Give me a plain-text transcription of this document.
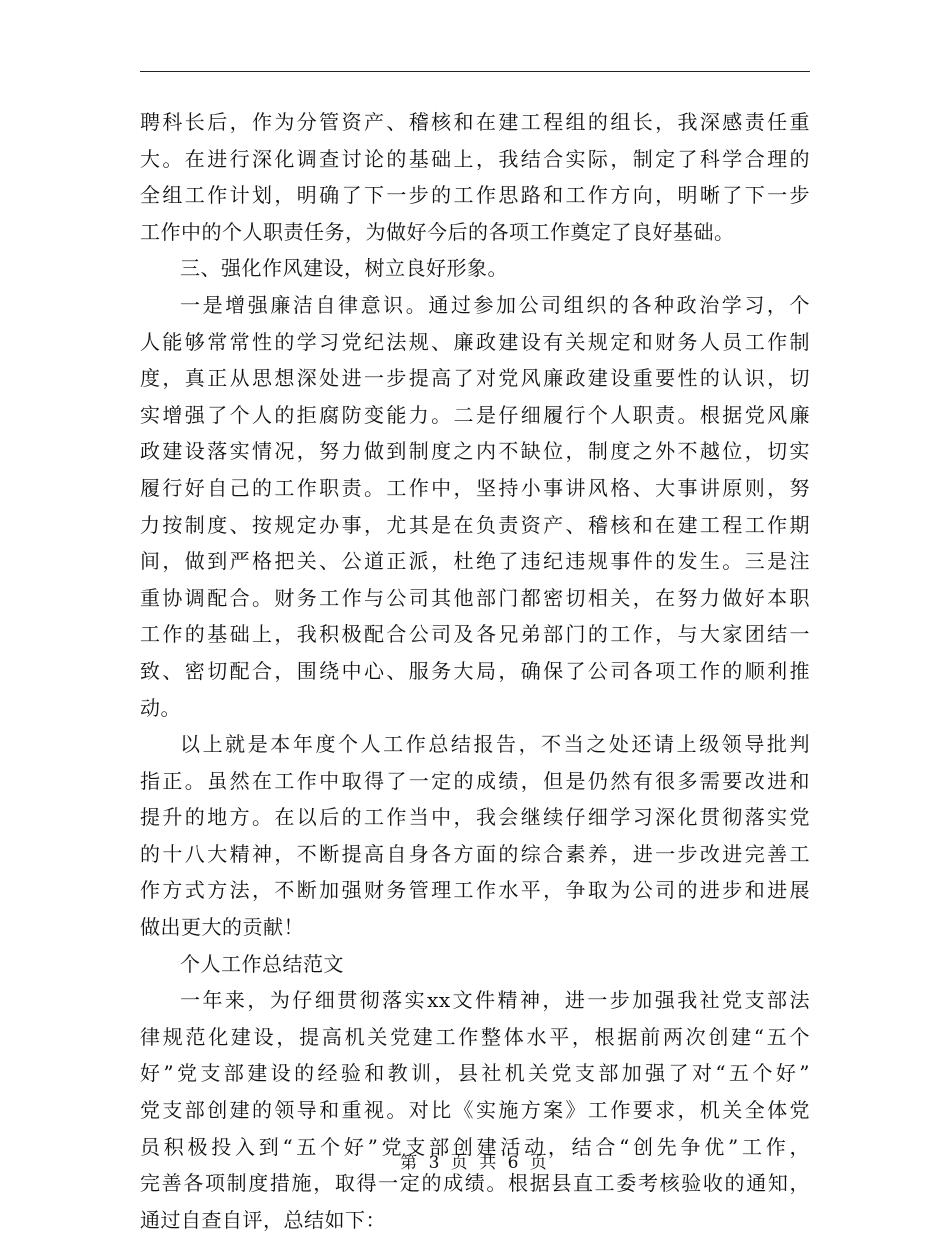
聘科长后，作为分管资产、稽核和在建工程组的组长，我深感责任重
大。在进行深化调查讨论的基础上，我结合实际，制定了科学合理的
全组工作计划，明确了下一步的工作思路和工作方向，明晰了下一步
工作中的个人职责任务，为做好今后的各项工作奠定了良好基础。
三、强化作风建设，树立良好形象。
一是增强廉洁自律意识。通过参加公司组织的各种政治学习，个
人能够常常性的学习党纪法规、廉政建设有关规定和财务人员工作制
度，真正从思想深处进一步提高了对党风廉政建设重要性的认识，切
实增强了个人的拒腐防变能力。二是仔细履行个人职责。根据党风廉
政建设落实情况，努力做到制度之内不缺位，制度之外不越位，切实
履行好自己的工作职责。工作中，坚持小事讲风格、大事讲原则，努
力按制度、按规定办事，尤其是在负责资产、稽核和在建工程工作期
间，做到严格把关、公道正派，杜绝了违纪违规事件的发生。三是注
重协调配合。财务工作与公司其他部门都密切相关，在努力做好本职
工作的基础上，我积极配合公司及各兄弟部门的工作，与大家团结一
致、密切配合，围绕中心、服务大局，确保了公司各项工作的顺利推
动。
以上就是本年度个人工作总结报告，不当之处还请上级领导批判
指正。虽然在工作中取得了一定的成绩，但是仍然有很多需要改进和
提升的地方。在以后的工作当中，我会继续仔细学习深化贯彻落实党
的十八大精神，不断提高自身各方面的综合素养，进一步改进完善工
作方式方法，不断加强财务管理工作水平，争取为公司的进步和进展
做出更大的贡献！
个人工作总结范文
一年来，为仔细贯彻落实xx文件精神，进一步加强我社党支部法
律规范化建设，提高机关党建工作整体水平，根据前两次创建“五个
好”党支部建设的经验和教训，县社机关党支部加强了对“五个好”
党支部创建的领导和重视。对比《实施方案》工作要求，机关全体党
员积极投入到“五个好”党支部创建活动，结合“创先争优”工作，
完善各项制度措施，取得一定的成绩。根据县直工委考核验收的通知，
通过自查自评，总结如下：
第 3 页 共 6 页
